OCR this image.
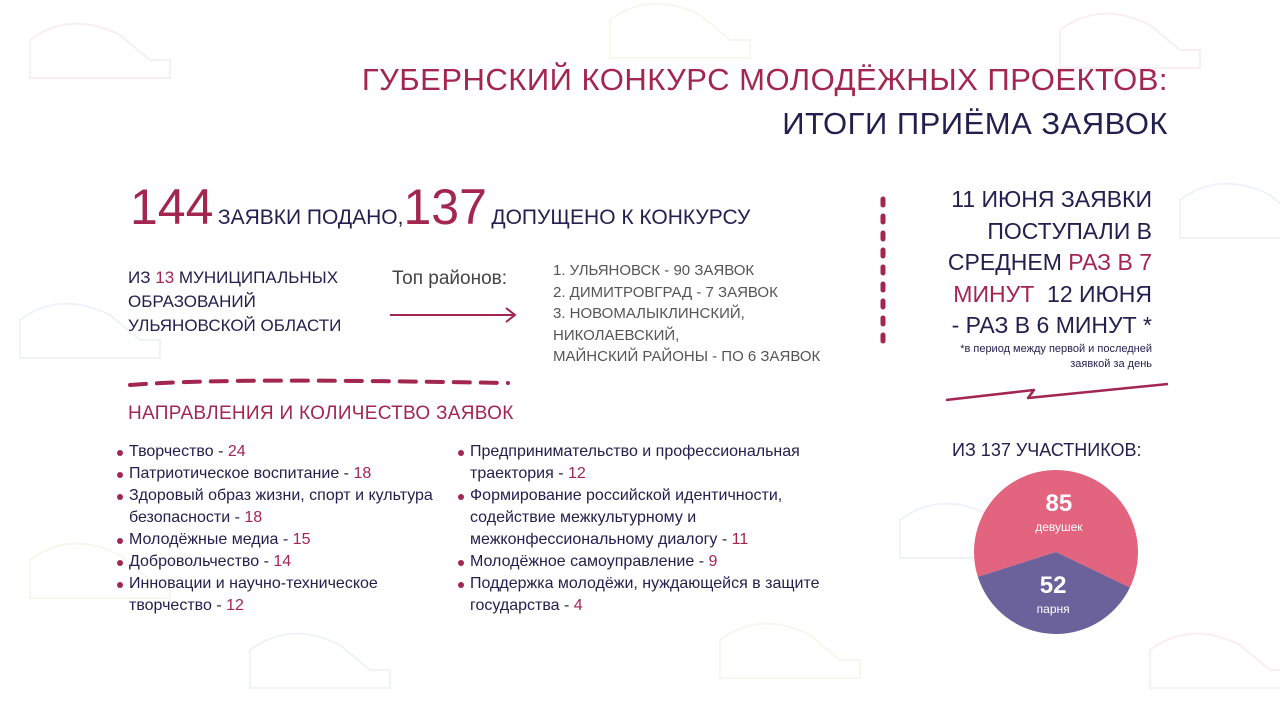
ГУБЕРНСКИЙ КОНКУРС МОЛОДЁЖНЫХ ПРОЕКТОВ:
ИТОГИ ПРИЁМА ЗАЯВОК
144 ЗАЯВКИ ПОДАНО,137 ДОПУЩЕНО К КОНКУРСУ
ИЗ 13 МУНИЦИПАЛЬНЫХ
ОБРАЗОВАНИЙ
УЛЬЯНОВСКОЙ ОБЛАСТИ
Топ районов:	1. УЛЬЯНОВСК - 90 ЗАЯВОК
2. ДИМИТРОВГРАД - 7 ЗАЯВОК
3. НОВОМАЛЫКЛИНСКИЙ,
НИКОЛАЕВСКИЙ,
МАЙНСКИЙ РАЙОНЫ - ПО 6 ЗАЯВОК
НАПРАВЛЕНИЯ И КОЛИЧЕСТВО ЗАЯВОК
Творчество - 24
Патриотическое воспитание - 18
Здоровый образ жизни, спорт и культура безопасности - 18
Молодёжные медиа - 15
Добровольчество - 14
Инновации и научно-техническое творчество - 12
Предпринимательство и профессиональная траектория - 12
Формирование российской идентичности, содействие межкультурному и межконфессиональному диалогу - 11
Молодёжное самоуправление - 9
Поддержка молодёжи, нуждающейся в защите государства - 4
11 ИЮНЯ ЗАЯВКИ
ПОСТУПАЛИ В
СРЕДНЕМ РАЗ В 7
МИНУТ 12 ИЮНЯ
- РАЗ В 6 МИНУТ *
*в период между первой и последней заявкой за день
ИЗ 137 УЧАСТНИКОВ:
85
девушек
52
парня
